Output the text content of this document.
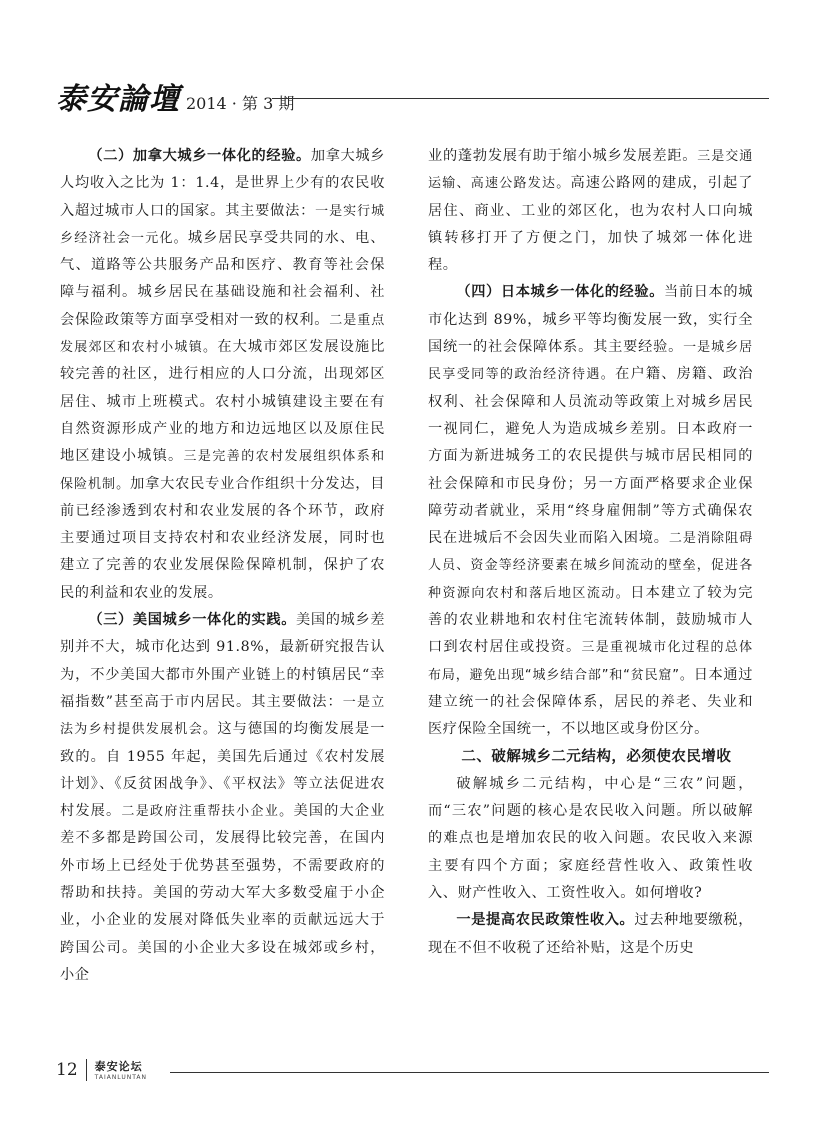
泰安論壇 2014 · 第 3 期

（二）加拿大城乡一体化的经验。加拿大城乡人均收入之比为 1：1.4，是世界上少有的农民收入超过城市人口的国家。其主要做法：一是实行城乡经济社会一元化。城乡居民享受共同的水、电、气、道路等公共服务产品和医疗、教育等社会保障与福利。城乡居民在基础设施和社会福利、社会保险政策等方面享受相对一致的权利。二是重点发展郊区和农村小城镇。在大城市郊区发展设施比较完善的社区，进行相应的人口分流，出现郊区居住、城市上班模式。农村小城镇建设主要在有自然资源形成产业的地方和边远地区以及原住民地区建设小城镇。三是完善的农村发展组织体系和保险机制。加拿大农民专业合作组织十分发达，目前已经渗透到农村和农业发展的各个环节，政府主要通过项目支持农村和农业经济发展，同时也建立了完善的农业发展保险保障机制，保护了农民的利益和农业的发展。

（三）美国城乡一体化的实践。美国的城乡差别并不大，城市化达到 91.8%，最新研究报告认为，不少美国大都市外围产业链上的村镇居民“幸福指数”甚至高于市内居民。其主要做法：一是立法为乡村提供发展机会。这与德国的均衡发展是一致的。自 1955 年起，美国先后通过《农村发展计划》、《反贫困战争》、《平权法》等立法促进农村发展。二是政府注重帮扶小企业。美国的大企业差不多都是跨国公司，发展得比较完善，在国内外市场上已经处于优势甚至强势，不需要政府的帮助和扶持。美国的劳动大军大多数受雇于小企业，小企业的发展对降低失业率的贡献远远大于跨国公司。美国的小企业大多设在城郊或乡村，小企

业的蓬勃发展有助于缩小城乡发展差距。三是交通运输、高速公路发达。高速公路网的建成，引起了居住、商业、工业的郊区化，也为农村人口向城镇转移打开了方便之门，加快了城郊一体化进程。

（四）日本城乡一体化的经验。当前日本的城市化达到 89%，城乡平等均衡发展一致，实行全国统一的社会保障体系。其主要经验。一是城乡居民享受同等的政治经济待遇。在户籍、房籍、政治权利、社会保障和人员流动等政策上对城乡居民一视同仁，避免人为造成城乡差别。日本政府一方面为新进城务工的农民提供与城市居民相同的社会保障和市民身份；另一方面严格要求企业保障劳动者就业，采用“终身雇佣制”等方式确保农民在进城后不会因失业而陷入困境。二是消除阻碍人员、资金等经济要素在城乡间流动的壁垒，促进各种资源向农村和落后地区流动。日本建立了较为完善的农业耕地和农村住宅流转体制，鼓励城市人口到农村居住或投资。三是重视城市化过程的总体布局，避免出现“城乡结合部”和“贫民窟”。日本通过建立统一的社会保障体系，居民的养老、失业和医疗保险全国统一，不以地区或身份区分。

二、破解城乡二元结构，必须使农民增收

破解城乡二元结构，中心是“三农”问题，而“三农”问题的核心是农民收入问题。所以破解的难点也是增加农民的收入问题。农民收入来源主要有四个方面；家庭经营性收入、政策性收入、财产性收入、工资性收入。如何增收?

一是提高农民政策性收入。过去种地要缴税，现在不但不收税了还给补贴，这是个历史

12 泰安论坛
TAIANLUNTAN
